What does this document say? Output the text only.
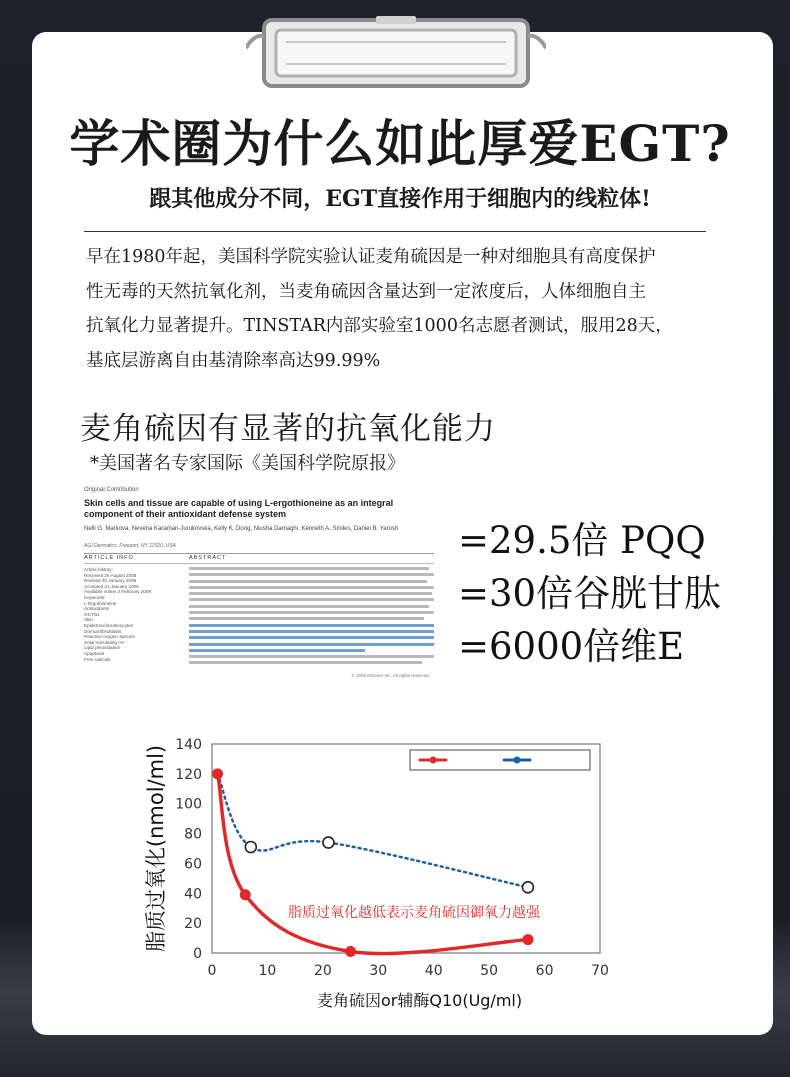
学术圈为什么如此厚爱EGT?
跟其他成分不同，EGT直接作用于细胞内的线粒体!
早在1980年起，美国科学院实验认证麦角硫因是一种对细胞具有高度保护
性无毒的天然抗氧化剂，当麦角硫因含量达到一定浓度后，人体细胞自主
抗氧化力显著提升。TINSTAR内部实验室1000名志愿者测试，服用28天，
基底层游离自由基清除率高达99.99%
麦角硫因有显著的抗氧化能力
*美国著名专家国际《美国科学院原报》
Original Contribution
Skin cells and tissue are capable of using L-ergothioneine as an integral component of their antioxidant defense system
Nelli G. Markova, Nevena Karaman-Jurukovska, Kelly K. Dong, Niusha Damaghi, Kenneth A. Smiles, Daniel B. Yarosh
AGI Dermatics, Freeport, NY 11520, USA
ARTICLE INFO	ABSTRACT
Article history:
Received 26 August 2008
Revised 30 January 2009
Accepted 21 January 2009
Available online 3 February 2009
Keywords:
L-Ergothioneine
Antioxidants
OCTN1
Skin
Epidermal keratinocytes
Dermal fibroblasts
Reactive oxygen species
Solar-simulating UV
Lipid peroxidation
Apoptosis
Free radicals
© 2009 Elsevier Inc. All rights reserved.
=29.5倍 PQQ
=30倍谷胱甘肽
=6000倍维E
0
20
40
60
80
100
120
140
0	10	20	30	40	50	60	70
脂质过氧化(nmol/ml)
麦角硫因or辅酶Q10(Ug/ml)
脂质过氧化越低表示麦角硫因御氧力越强
